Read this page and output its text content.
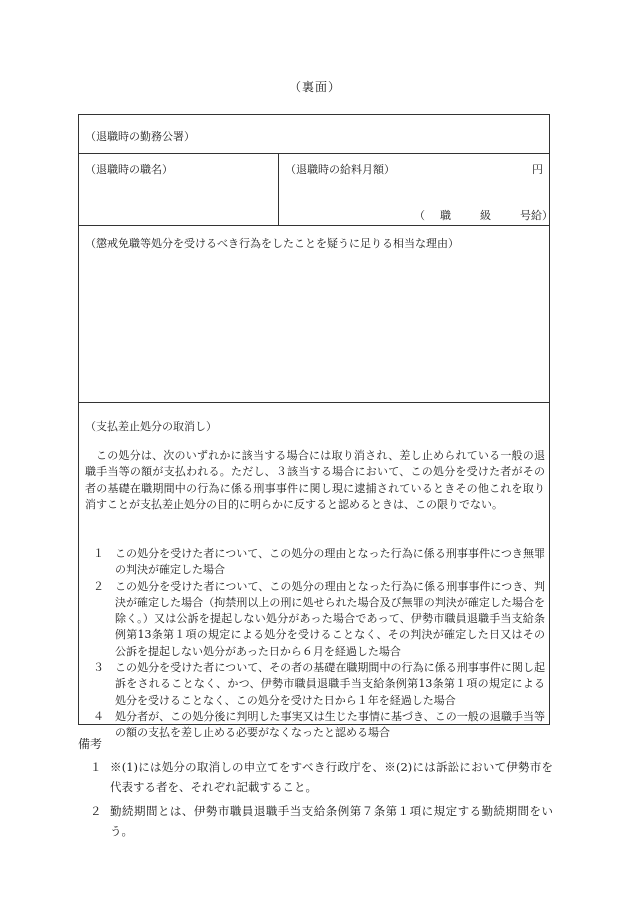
（裏面）
（退職時の勤務公署）
（退職時の職名）	（退職時の給料月額）	円
（ 職	級	号給）
（懲戒免職等処分を受けるべき行為をしたことを疑うに足りる相当な理由）
（支払差止処分の取消し）

この処分は、次のいずれかに該当する場合には取り消され、差し止められている一般の退職手当等の額が支払われる。ただし、３該当する場合において、この処分を受けた者がその者の基礎在職期間中の行為に係る刑事事件に関し現に逮捕されているときその他これを取り消すことが支払差止処分の目的に明らかに反すると認めるときは、この限りでない。

１ この処分を受けた者について、この処分の理由となった行為に係る刑事事件につき無罪の判決が確定した場合
２ この処分を受けた者について、この処分の理由となった行為に係る刑事事件につき、判決が確定した場合（拘禁刑以上の刑に処せられた場合及び無罪の判決が確定した場合を除く。）又は公訴を提起しない処分があった場合であって、伊勢市職員退職手当支給条例第13条第１項の規定による処分を受けることなく、その判決が確定した日又はその公訴を提起しない処分があった日から６月を経過した場合
３ この処分を受けた者について、その者の基礎在職期間中の行為に係る刑事事件に関し起訴をされることなく、かつ、伊勢市職員退職手当支給条例第13条第１項の規定による処分を受けることなく、この処分を受けた日から１年を経過した場合
４ 処分者が、この処分後に判明した事実又は生じた事情に基づき、この一般の退職手当等の額の支払を差し止める必要がなくなったと認める場合
備考
１ ※(1)には処分の取消しの申立てをすべき行政庁を、※(2)には訴訟において伊勢市を代表する者を、それぞれ記載すること。
２ 勤続期間とは、伊勢市職員退職手当支給条例第７条第１項に規定する勤続期間をいう。
